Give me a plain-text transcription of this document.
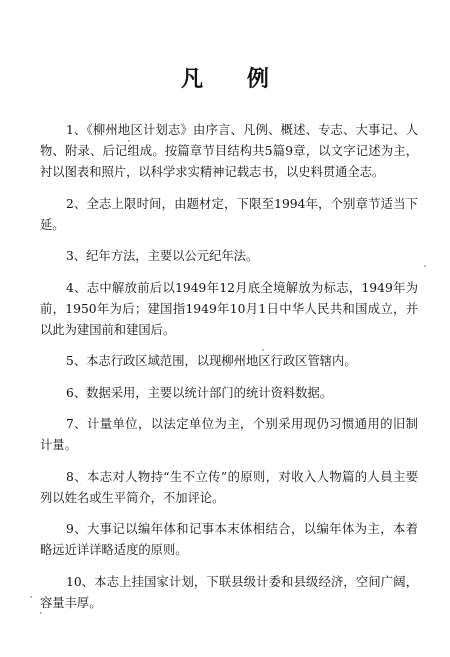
凡 例

1、《柳州地区计划志》由序言、凡例、概述、专志、大事记、人物、附录、后记组成。按篇章节目结构共5篇9章，以文字记述为主，衬以图表和照片，以科学求实精神记载志书，以史料贯通全志。

2、全志上限时间，由题材定，下限至1994年，个别章节适当下延。

3、纪年方法，主要以公元纪年法。

4、志中解放前后以1949年12月底全境解放为标志，1949年为前，1950年为后；建国指1949年10月1日中华人民共和国成立，并以此为建国前和建国后。

5、本志行政区域范围，以现柳州地区行政区管辖内。

6、数据采用，主要以统计部门的统计资料数据。

7、计量单位，以法定单位为主，个别采用现仍习惯通用的旧制计量。

8、本志对人物持“生不立传”的原则，对收入人物篇的人員主要列以姓名或生平简介，不加评论。

9、大事记以编年体和记事本末体相结合，以编年体为主，本着略远近详详略适度的原则。

10、本志上挂国家计划，下联县级计委和县级经济，空间广阔，容量丰厚。
